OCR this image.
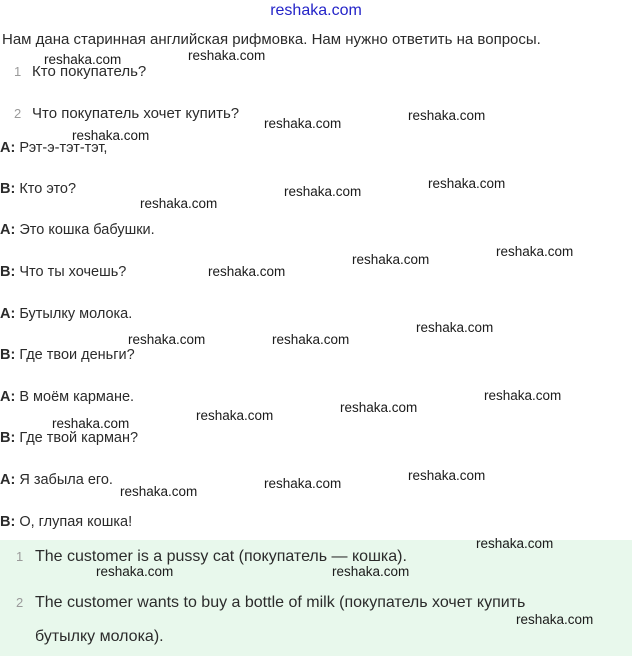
reshaka.com
Нам дана старинная английская рифмовка. Нам нужно ответить на вопросы.
1 Кто покупатель?
2 Что покупатель хочет купить?
A: Рэт-э-тэт-тэт,
B: Кто это?
A: Это кошка бабушки.
B: Что ты хочешь?
A: Бутылку молока.
B: Где твои деньги?
A: В моём кармане.
B: Где твой карман?
A: Я забыла его.
B: О, глупая кошка!
1 The customer is a pussy cat (покупатель — кошка).
2 The customer wants to buy a bottle of milk (покупатель хочет купить
бутылку молока).
reshaka.com	reshaka.com
reshaka.com
reshaka.com
reshaka.com
reshaka.com
reshaka.com
reshaka.com
reshaka.com
reshaka.com
reshaka.com
reshaka.com
reshaka.com	reshaka.com
reshaka.com
reshaka.com
reshaka.com
reshaka.com
reshaka.com
reshaka.com
reshaka.com
reshaka.com
reshaka.com	reshaka.com
reshaka.com
